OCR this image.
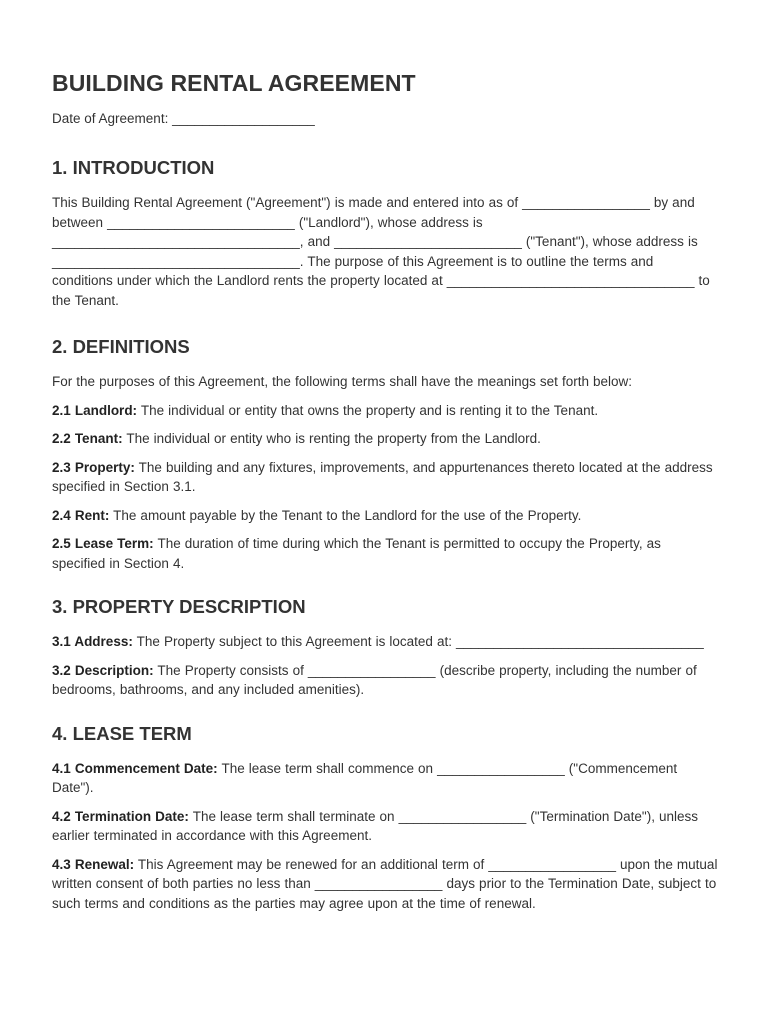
BUILDING RENTAL AGREEMENT
Date of Agreement: ___________________
1. INTRODUCTION

This Building Rental Agreement ("Agreement") is made and entered into as of _________________ by and between _________________________ ("Landlord"), whose address is _________________________________, and _________________________ ("Tenant"), whose address is _________________________________. The purpose of this Agreement is to outline the terms and conditions under which the Landlord rents the property located at _________________________________ to the Tenant.

2. DEFINITIONS

For the purposes of this Agreement, the following terms shall have the meanings set forth below:

2.1 Landlord: The individual or entity that owns the property and is renting it to the Tenant.

2.2 Tenant: The individual or entity who is renting the property from the Landlord.

2.3 Property: The building and any fixtures, improvements, and appurtenances thereto located at the address specified in Section 3.1.

2.4 Rent: The amount payable by the Tenant to the Landlord for the use of the Property.

2.5 Lease Term: The duration of time during which the Tenant is permitted to occupy the Property, as specified in Section 4.

3. PROPERTY DESCRIPTION

3.1 Address: The Property subject to this Agreement is located at: _________________________________

3.2 Description: The Property consists of _________________ (describe property, including the number of bedrooms, bathrooms, and any included amenities).

4. LEASE TERM

4.1 Commencement Date: The lease term shall commence on _________________ ("Commencement Date").

4.2 Termination Date: The lease term shall terminate on _________________ ("Termination Date"), unless earlier terminated in accordance with this Agreement.

4.3 Renewal: This Agreement may be renewed for an additional term of _________________ upon the mutual written consent of both parties no less than _________________ days prior to the Termination Date, subject to such terms and conditions as the parties may agree upon at the time of renewal.
